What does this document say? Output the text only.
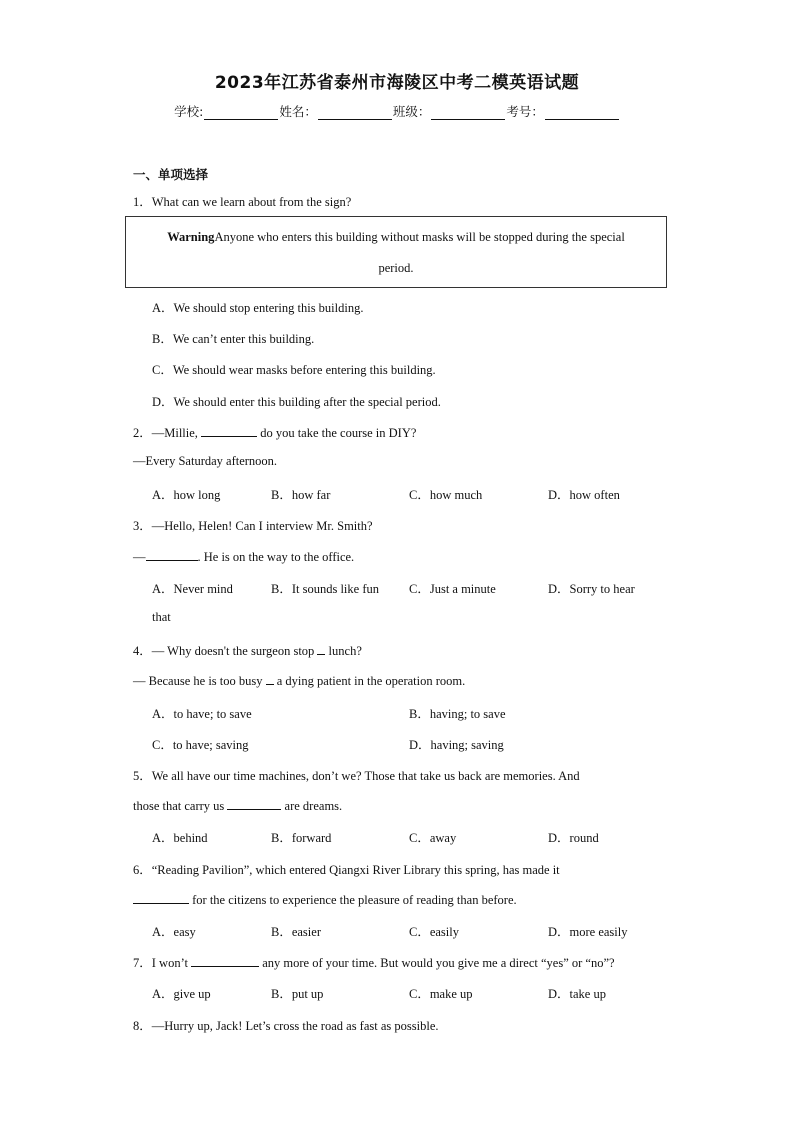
2023年江苏省泰州市海陵区中考二模英语试题
学校:	姓名：	班级：	考号：
一、单项选择
1．What can we learn about from the sign?
WarningAnyone who enters this building without masks will be stopped during the special
period.
A．We should stop entering this building.
B．We can’t enter this building.
C．We should wear masks before entering this building.
D．We should enter this building after the special period.
2．—Millie,	do you take the course in DIY?
—Every Saturday afternoon.
A．how long	B．how far	C．how much	D．how often
3．—Hello, Helen! Can I interview Mr. Smith?
—	. He is on the way to the office.
A．Never mind	B．It sounds like fun C．Just a minute	D．Sorry to hear
that
4．— Why doesn't the surgeon stop  lunch?
— Because he is too busy  a dying patient in the operation room.
A．to have; to save	B．having; to save
C．to have; saving	D．having; saving
5．We all have our time machines, don’t we? Those that take us back are memories. And
those that carry us	are dreams.
A．behind	B．forward	C．away	D．round
6．“Reading Pavilion”, which entered Qiangxi River Library this spring, has made it
for the citizens to experience the pleasure of reading than before.
A．easy	B．easier	C．easily	D．more easily
7．I won’t	any more of your time. But would you give me a direct “yes” or “no”?
A．give up	B．put up	C．make up	D．take up
8．—Hurry up, Jack! Let’s cross the road as fast as possible.
